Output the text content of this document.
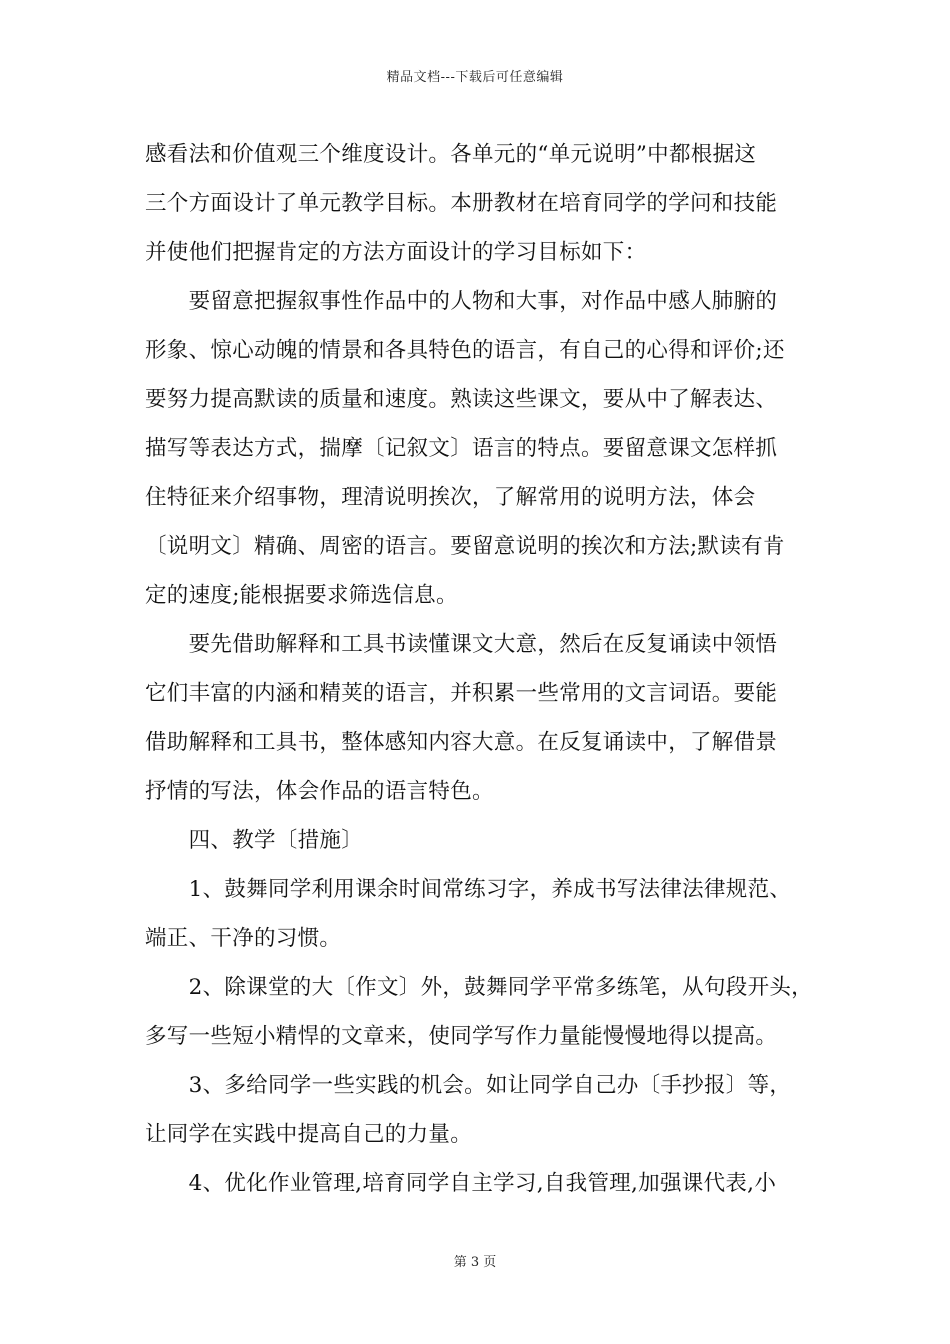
精品文档---下载后可任意编辑
感看法和价值观三个维度设计。各单元的“单元说明”中都根据这
三个方面设计了单元教学目标。本册教材在培育同学的学问和技能
并使他们把握肯定的方法方面设计的学习目标如下：
　　要留意把握叙事性作品中的人物和大事，对作品中感人肺腑的
形象、惊心动魄的情景和各具特色的语言，有自己的心得和评价;还
要努力提高默读的质量和速度。熟读这些课文，要从中了解表达、
描写等表达方式，揣摩〔记叙文〕语言的特点。要留意课文怎样抓
住特征来介绍事物，理清说明挨次，了解常用的说明方法，体会
〔说明文〕精确、周密的语言。要留意说明的挨次和方法;默读有肯
定的速度;能根据要求筛选信息。
　　要先借助解释和工具书读懂课文大意，然后在反复诵读中领悟
它们丰富的内涵和精荚的语言，并积累一些常用的文言词语。要能
借助解释和工具书，整体感知内容大意。在反复诵读中，了解借景
抒情的写法，体会作品的语言特色。
　　四、教学〔措施〕
　　1、鼓舞同学利用课余时间常练习字，养成书写法律法律规范、
端正、干净的习惯。
　　2、除课堂的大〔作文〕外，鼓舞同学平常多练笔，从句段开头，
多写一些短小精悍的文章来，使同学写作力量能慢慢地得以提高。
　　3、多给同学一些实践的机会。如让同学自己办〔手抄报〕等，
让同学在实践中提高自己的力量。
　　4、优化作业管理,培育同学自主学习,自我管理,加强课代表,小
第 3 页
